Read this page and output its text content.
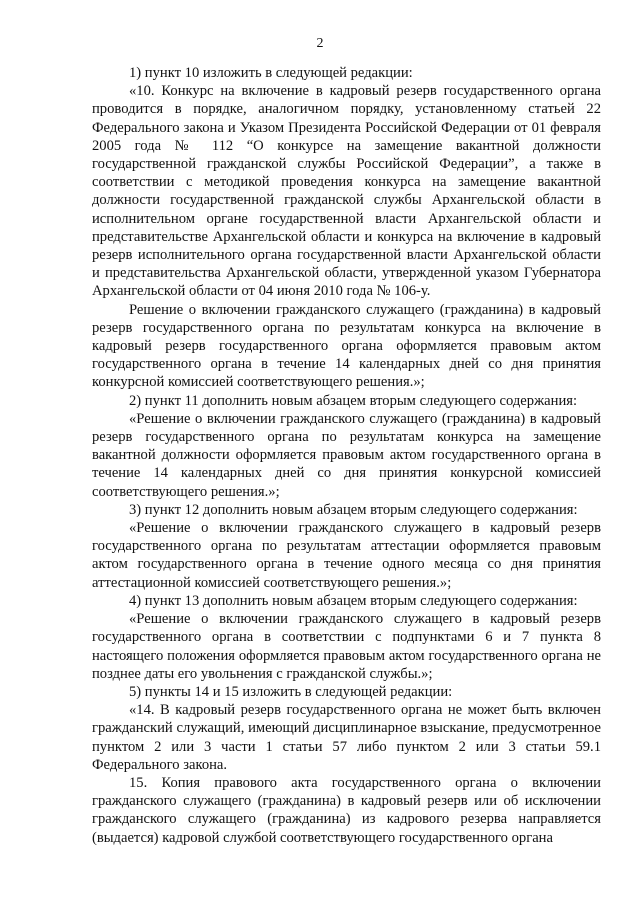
2

1) пункт 10 изложить в следующей редакции:

«10. Конкурс на включение в кадровый резерв государственного органа проводится в порядке, аналогичном порядку, установленному статьей 22 Федерального закона и Указом Президента Российской Федерации от 01 февраля 2005 года № 112 “О конкурсе на замещение вакантной должности государственной гражданской службы Российской Федерации”, а также в соответствии с методикой проведения конкурса на замещение вакантной должности государственной гражданской службы Архангельской области в исполнительном органе государственной власти Архангельской области и представительстве Архангельской области и конкурса на включение в кадровый резерв исполнительного органа государственной власти Архангельской области и представительства Архангельской области, утвержденной указом Губернатора Архангельской области от 04 июня 2010 года № 106-у.

Решение о включении гражданского служащего (гражданина) в кадровый резерв государственного органа по результатам конкурса на включение в кадровый резерв государственного органа оформляется правовым актом государственного органа в течение 14 календарных дней со дня принятия конкурсной комиссией соответствующего решения.»;

2) пункт 11 дополнить новым абзацем вторым следующего содержания:

«Решение о включении гражданского служащего (гражданина) в кадровый резерв государственного органа по результатам конкурса на замещение вакантной должности оформляется правовым актом государственного органа в течение 14 календарных дней со дня принятия конкурсной комиссией соответствующего решения.»;

3) пункт 12 дополнить новым абзацем вторым следующего содержания:

«Решение о включении гражданского служащего в кадровый резерв государственного органа по результатам аттестации оформляется правовым актом государственного органа в течение одного месяца со дня принятия аттестационной комиссией соответствующего решения.»;

4) пункт 13 дополнить новым абзацем вторым следующего содержания:

«Решение о включении гражданского служащего в кадровый резерв государственного органа в соответствии с подпунктами 6 и 7 пункта 8 настоящего положения оформляется правовым актом государственного органа не позднее даты его увольнения с гражданской службы.»;

5) пункты 14 и 15 изложить в следующей редакции:

«14. В кадровый резерв государственного органа не может быть включен гражданский служащий, имеющий дисциплинарное взыскание, предусмотренное пунктом 2 или 3 части 1 статьи 57 либо пунктом 2 или 3 статьи 59.1 Федерального закона.

15. Копия правового акта государственного органа о включении гражданского служащего (гражданина) в кадровый резерв или об исключении гражданского служащего (гражданина) из кадрового резерва направляется (выдается) кадровой службой соответствующего государственного органа
